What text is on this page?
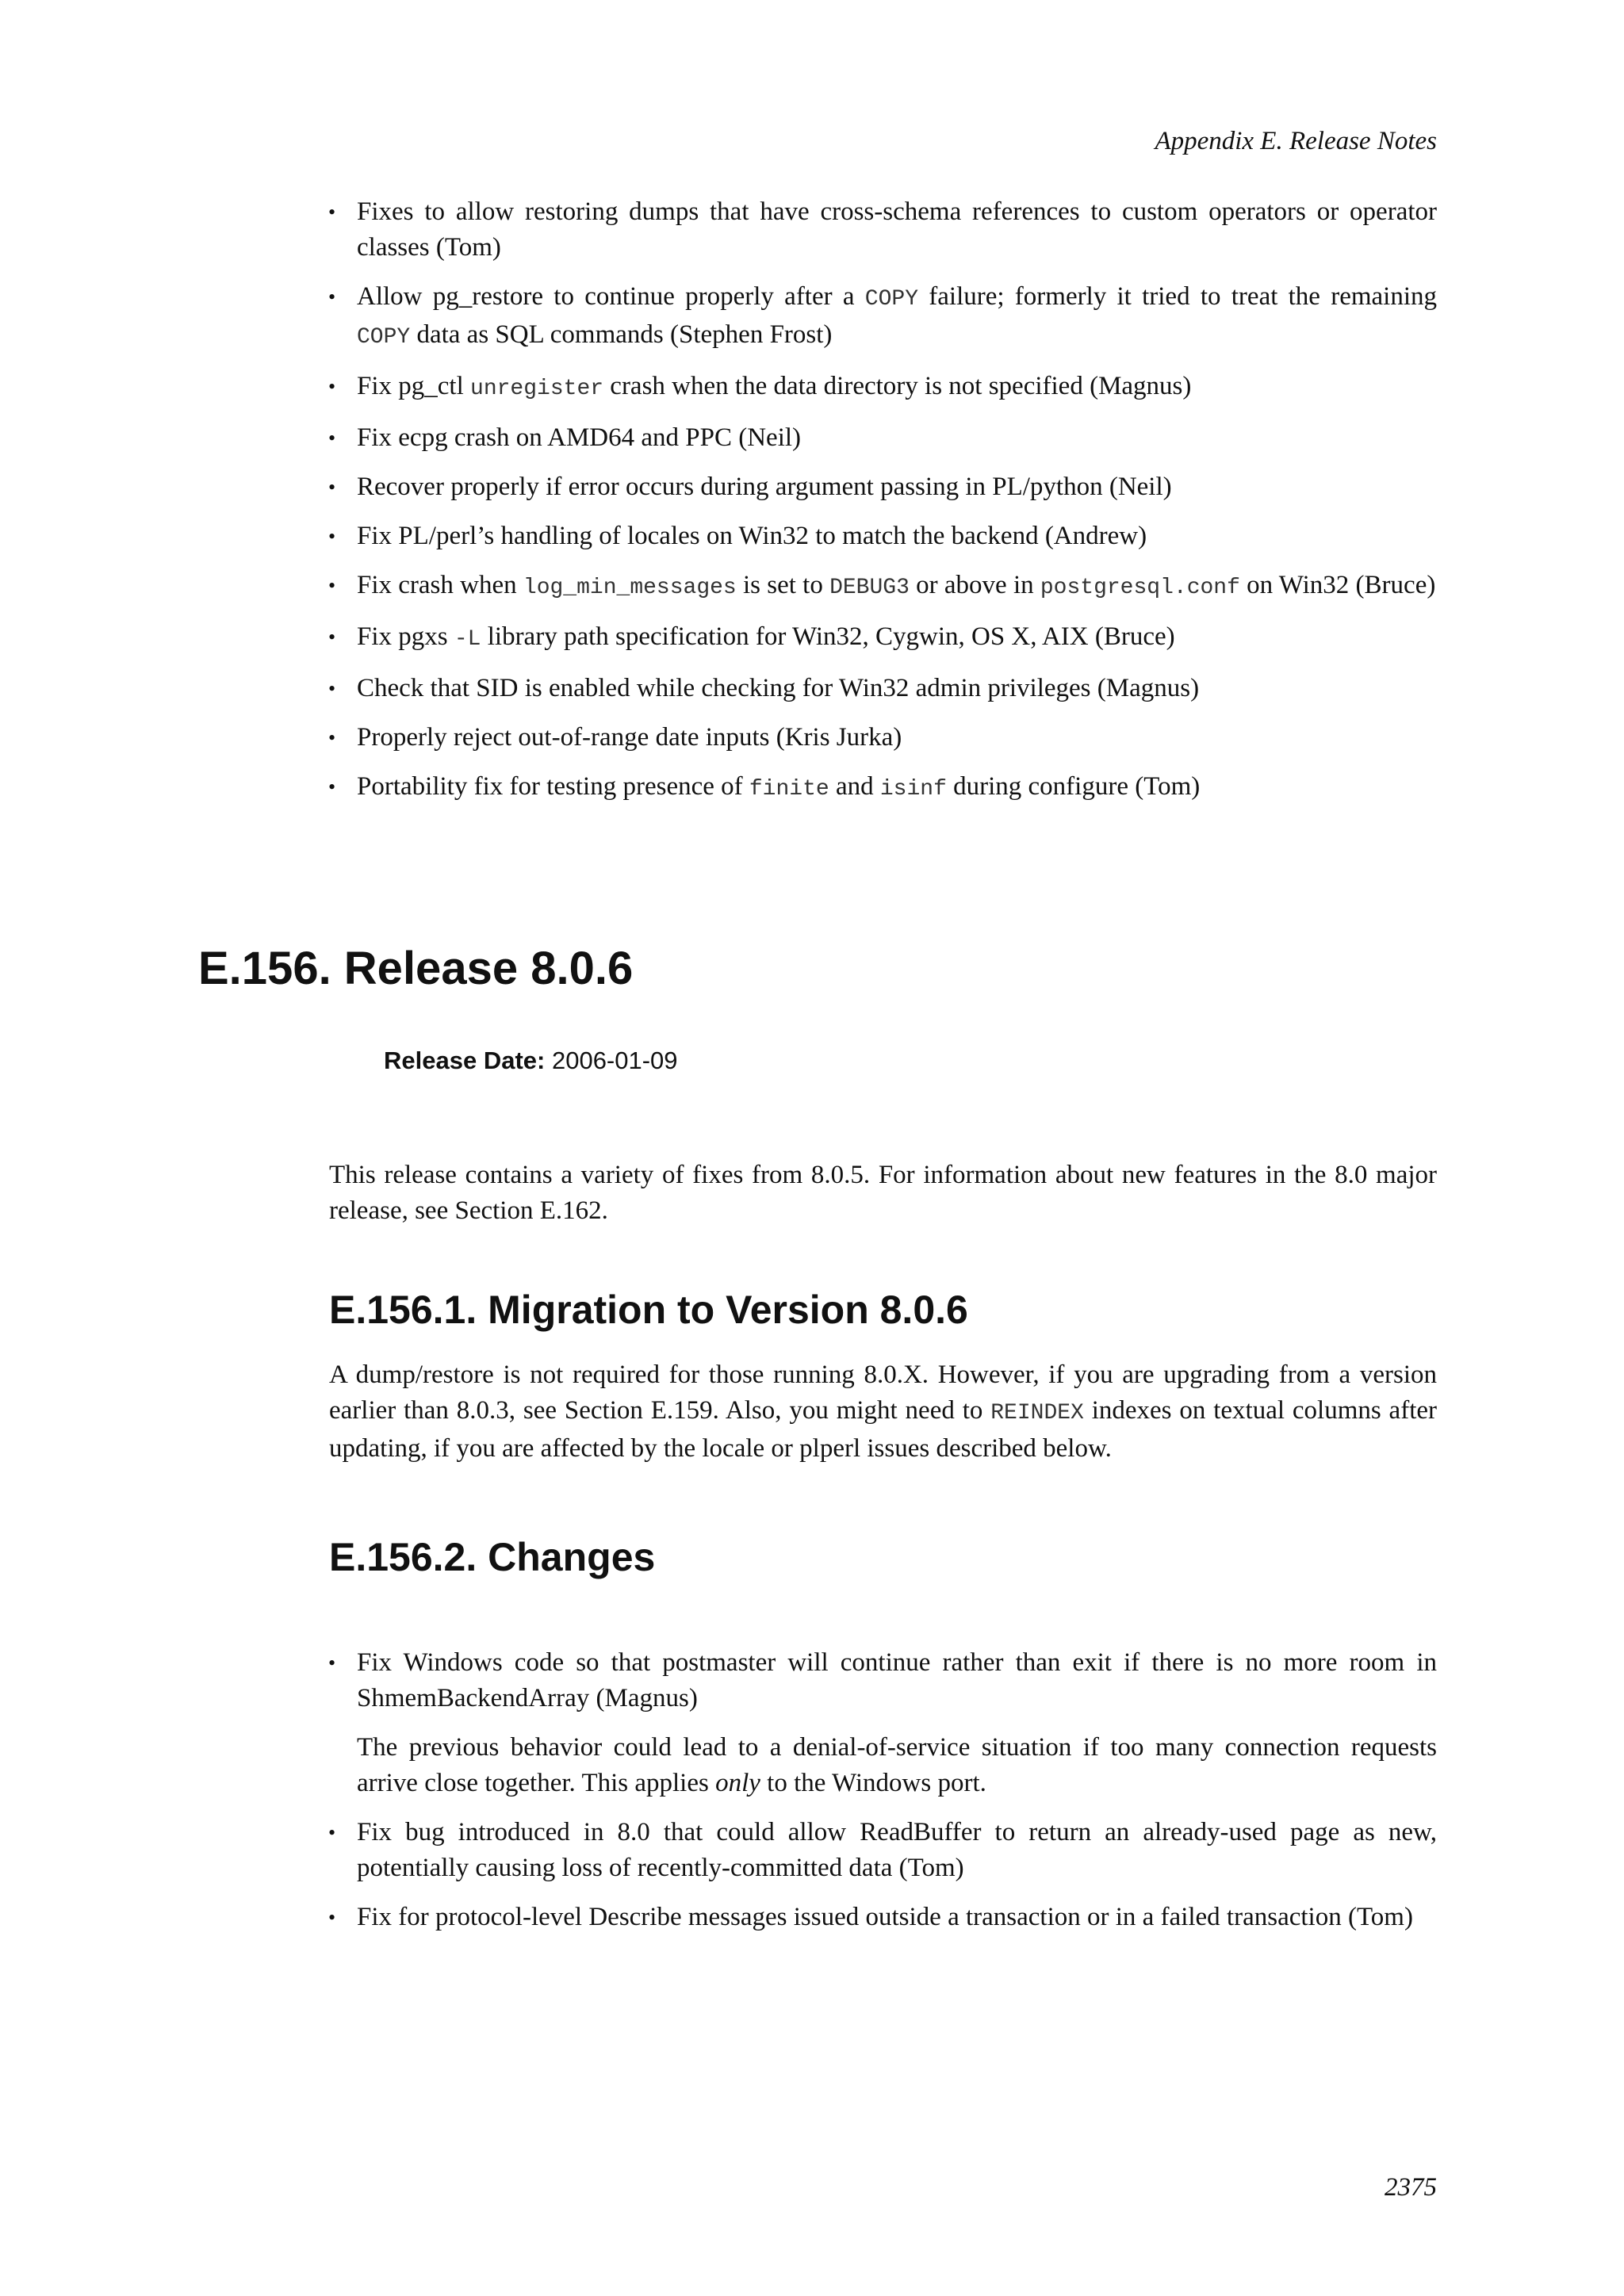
Appendix E. Release Notes
• Fixes to allow restoring dumps that have cross-schema references to custom operators or operator classes (Tom)

• Allow pg_restore to continue properly after a COPY failure; formerly it tried to treat the remaining COPY data as SQL commands (Stephen Frost)

• Fix pg_ctl unregister crash when the data directory is not specified (Magnus)

• Fix ecpg crash on AMD64 and PPC (Neil)

• Recover properly if error occurs during argument passing in PL/python (Neil)

• Fix PL/perl’s handling of locales on Win32 to match the backend (Andrew)

• Fix crash when log_min_messages is set to DEBUG3 or above in postgresql.conf on Win32 (Bruce)

• Fix pgxs -L library path specification for Win32, Cygwin, OS X, AIX (Bruce)

• Check that SID is enabled while checking for Win32 admin privileges (Magnus)

• Properly reject out-of-range date inputs (Kris Jurka)

• Portability fix for testing presence of finite and isinf during configure (Tom)

E.156. Release 8.0.6
Release Date: 2006-01-09

This release contains a variety of fixes from 8.0.5. For information about new features in the 8.0 major release, see Section E.162.

E.156.1. Migration to Version 8.0.6

A dump/restore is not required for those running 8.0.X. However, if you are upgrading from a version earlier than 8.0.3, see Section E.159. Also, you might need to REINDEX indexes on textual columns after updating, if you are affected by the locale or plperl issues described below.

E.156.2. Changes
• Fix Windows code so that postmaster will continue rather than exit if there is no more room in ShmemBackendArray (Magnus)

The previous behavior could lead to a denial-of-service situation if too many connection requests arrive close together. This applies only to the Windows port.

• Fix bug introduced in 8.0 that could allow ReadBuffer to return an already-used page as new, potentially causing loss of recently-committed data (Tom)

• Fix for protocol-level Describe messages issued outside a transaction or in a failed transaction (Tom)

2375
